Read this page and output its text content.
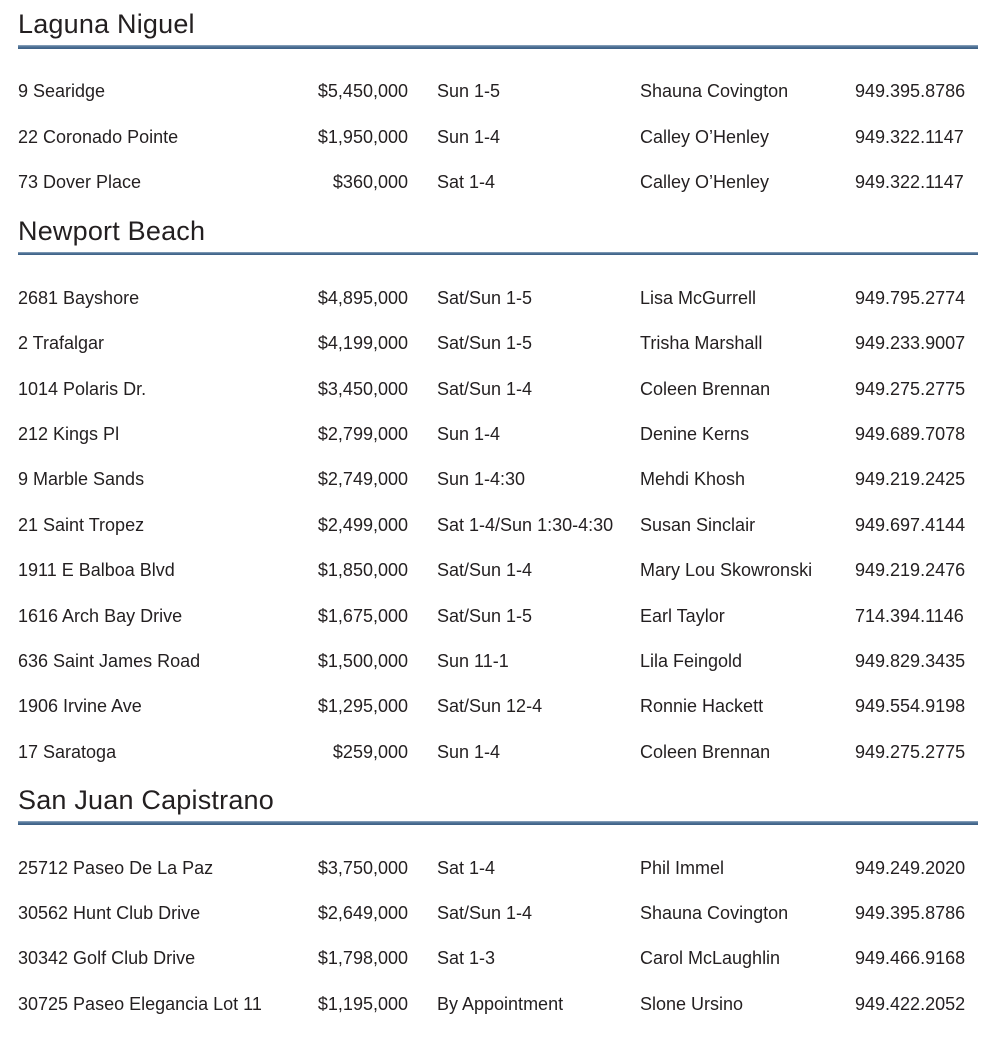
Laguna Niguel
9 Searidge	$5,450,000	Sun 1-5	Shauna Covington	949.395.8786
22 Coronado Pointe	$1,950,000	Sun 1-4	Calley O’Henley	949.322.1147
73 Dover Place	$360,000	Sat 1-4	Calley O’Henley	949.322.1147
Newport Beach
2681 Bayshore	$4,895,000	Sat/Sun 1-5	Lisa McGurrell	949.795.2774
2 Trafalgar	$4,199,000	Sat/Sun 1-5	Trisha Marshall	949.233.9007
1014 Polaris Dr.	$3,450,000	Sat/Sun 1-4	Coleen Brennan	949.275.2775
212 Kings Pl	$2,799,000	Sun 1-4	Denine Kerns	949.689.7078
9 Marble Sands	$2,749,000	Sun 1-4:30	Mehdi Khosh	949.219.2425
21 Saint Tropez	$2,499,000	Sat 1-4/Sun 1:30-4:30	Susan Sinclair	949.697.4144
1911 E Balboa Blvd	$1,850,000	Sat/Sun 1-4	Mary Lou Skowronski	949.219.2476
1616 Arch Bay Drive	$1,675,000	Sat/Sun 1-5	Earl Taylor	714.394.1146
636 Saint James Road	$1,500,000	Sun 11-1	Lila Feingold	949.829.3435
1906 Irvine Ave	$1,295,000	Sat/Sun 12-4	Ronnie Hackett	949.554.9198
17 Saratoga	$259,000	Sun 1-4	Coleen Brennan	949.275.2775
San Juan Capistrano
25712 Paseo De La Paz	$3,750,000	Sat 1-4	Phil Immel	949.249.2020
30562 Hunt Club Drive	$2,649,000	Sat/Sun 1-4	Shauna Covington	949.395.8786
30342 Golf Club Drive	$1,798,000	Sat 1-3	Carol McLaughlin	949.466.9168
30725 Paseo Elegancia Lot 11	$1,195,000	By Appointment	Slone Ursino	949.422.2052
